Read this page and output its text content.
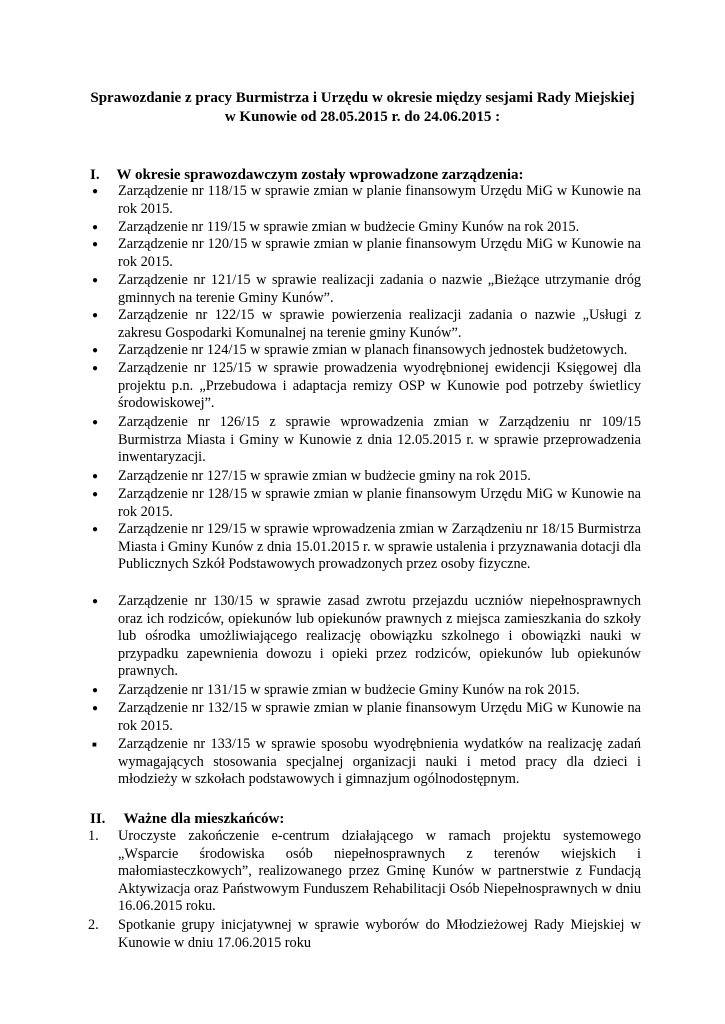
Sprawozdanie z pracy Burmistrza i Urzędu w okresie między sesjami Rady Miejskiej
w Kunowie od 28.05.2015 r. do 24.06.2015 :
I. W okresie sprawozdawczym zostały wprowadzone zarządzenia:
● Zarządzenie nr 118/15 w sprawie zmian w planie finansowym Urzędu MiG w Kunowie na rok 2015.
● Zarządzenie nr 119/15 w sprawie zmian w budżecie Gminy Kunów na rok 2015.
● Zarządzenie nr 120/15 w sprawie zmian w planie finansowym Urzędu MiG w Kunowie na rok 2015.
● Zarządzenie nr 121/15 w sprawie realizacji zadania o nazwie „Bieżące utrzymanie dróg gminnych na terenie Gminy Kunów”.
● Zarządzenie nr 122/15 w sprawie powierzenia realizacji zadania o nazwie „Usługi z zakresu Gospodarki Komunalnej na terenie gminy Kunów”.
● Zarządzenie nr 124/15 w sprawie zmian w planach finansowych jednostek budżetowych.
● Zarządzenie nr 125/15 w sprawie prowadzenia wyodrębnionej ewidencji Księgowej dla projektu p.n. „Przebudowa i adaptacja remizy OSP w Kunowie pod potrzeby świetlicy środowiskowej”.
● Zarządzenie nr 126/15 z sprawie wprowadzenia zmian w Zarządzeniu nr 109/15 Burmistrza Miasta i Gminy w Kunowie z dnia 12.05.2015 r. w sprawie przeprowadzenia inwentaryzacji.
● Zarządzenie nr 127/15 w sprawie zmian w budżecie gminy na rok 2015.
● Zarządzenie nr 128/15 w sprawie zmian w planie finansowym Urzędu MiG w Kunowie na rok 2015.
● Zarządzenie nr 129/15 w sprawie wprowadzenia zmian w Zarządzeniu nr 18/15 Burmistrza Miasta i Gminy Kunów z dnia 15.01.2015 r. w sprawie ustalenia i przyznawania dotacji dla Publicznych Szkół Podstawowych prowadzonych przez osoby fizyczne.
● Zarządzenie nr 130/15 w sprawie zasad zwrotu przejazdu uczniów niepełnosprawnych oraz ich rodziców, opiekunów lub opiekunów prawnych z miejsca zamieszkania do szkoły lub ośrodka umożliwiającego realizację obowiązku szkolnego i obowiązki nauki w przypadku zapewnienia dowozu i opieki przez rodziców, opiekunów lub opiekunów prawnych.
● Zarządzenie nr 131/15 w sprawie zmian w budżecie Gminy Kunów na rok 2015.
● Zarządzenie nr 132/15 w sprawie zmian w planie finansowym Urzędu MiG w Kunowie na rok 2015.
■ Zarządzenie nr 133/15 w sprawie sposobu wyodrębnienia wydatków na realizację zadań wymagających stosowania specjalnej organizacji nauki i metod pracy dla dzieci i młodzieży w szkołach podstawowych i gimnazjum ogólnodostępnym.
II. Ważne dla mieszkańców:
1. Uroczyste zakończenie e-centrum działającego w ramach projektu systemowego „Wsparcie środowiska osób niepełnosprawnych z terenów wiejskich i małomiasteczkowych”, realizowanego przez Gminę Kunów w partnerstwie z Fundacją Aktywizacja oraz Państwowym Funduszem Rehabilitacji Osób Niepełnosprawnych w dniu 16.06.2015 roku.
2. Spotkanie grupy inicjatywnej w sprawie wyborów do Młodzieżowej Rady Miejskiej w Kunowie w dniu 17.06.2015 roku
